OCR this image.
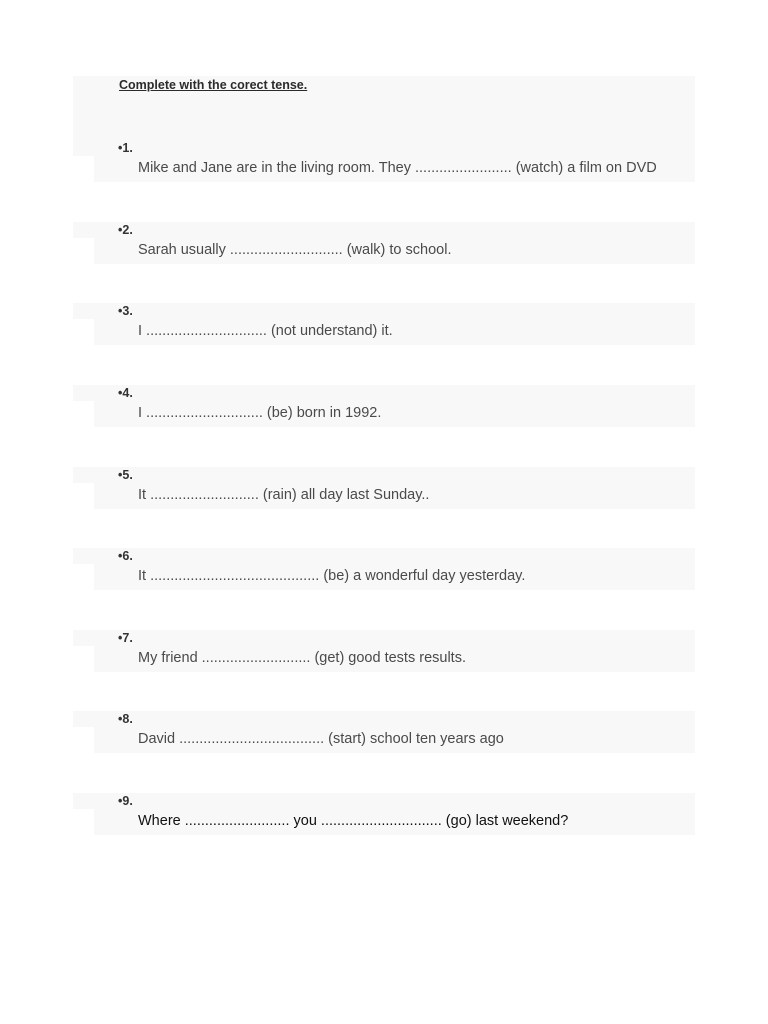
Complete with the corect tense.
•1.
Mike and Jane are in the living room. They ........................ (watch) a film on DVD
•2.
Sarah usually ............................ (walk) to school.
•3.
I .............................. (not understand) it.
•4.
I ............................. (be) born in 1992.
•5.
It ........................... (rain) all day last Sunday..
•6.
It .......................................... (be) a wonderful day yesterday.
•7.
My friend ........................... (get) good tests results.
•8.
David .................................... (start) school ten years ago
•9.
Where .......................... you .............................. (go) last weekend?
